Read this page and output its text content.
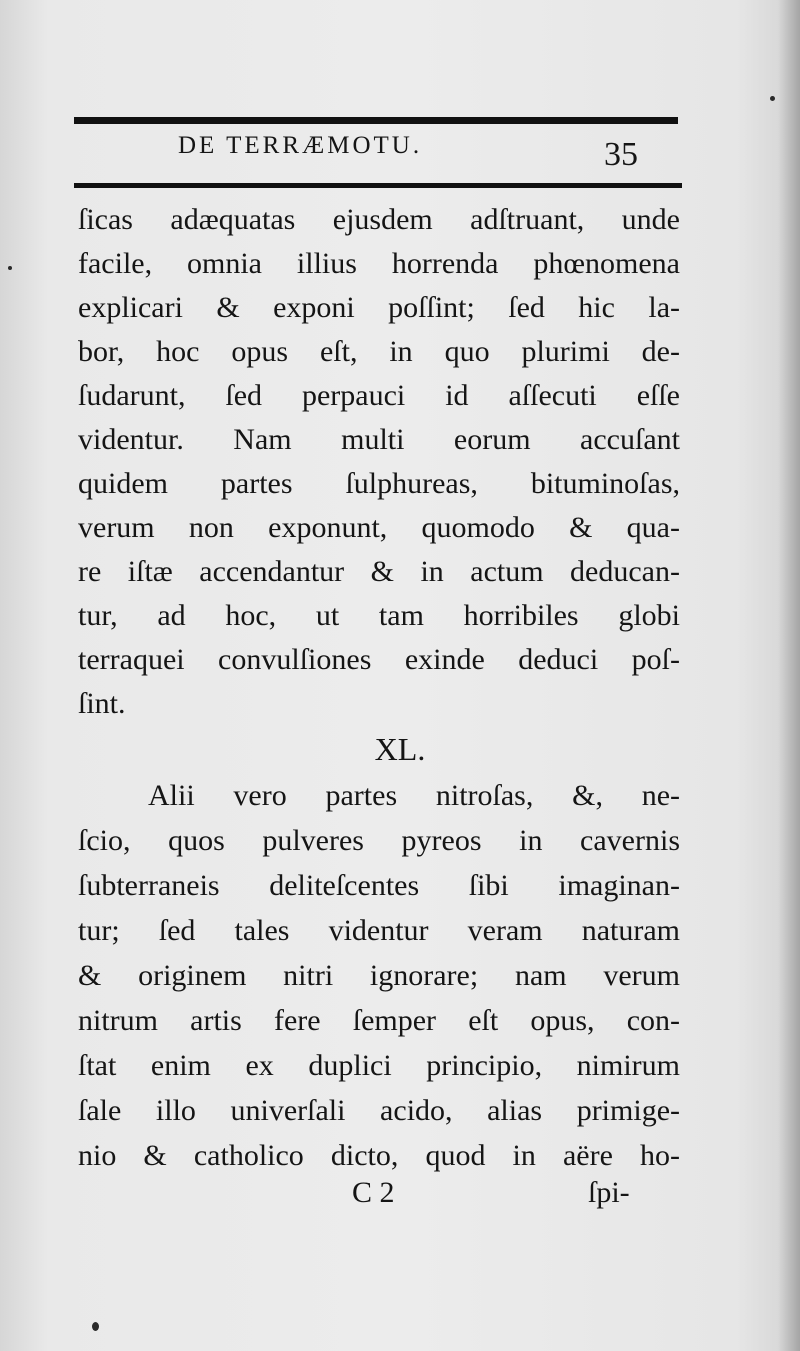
DE TERRÆMOTU.	35
ſicas adæquatas ejusdem adſtruant, unde
facile, omnia illius horrenda phœnomena
explicari & exponi poſſint; ſed hic la-
bor, hoc opus eſt, in quo plurimi de-
ſudarunt, ſed perpauci id aſſecuti eſſe
videntur. Nam multi eorum accuſant
quidem partes ſulphureas, bituminoſas,
verum non exponunt, quomodo & qua-
re iſtæ accendantur & in actum deducan-
tur, ad hoc, ut tam horribiles globi
terraquei convulſiones exinde deduci poſ-
ſint.
XL.
Alii vero partes nitroſas, &, ne-
ſcio, quos pulveres pyreos in cavernis
ſubterraneis deliteſcentes ſibi imaginan-
tur; ſed tales videntur veram naturam
& originem nitri ignorare; nam verum
nitrum artis fere ſemper eſt opus, con-
ſtat enim ex duplici principio, nimirum
ſale illo univerſali acido, alias primige-
nio & catholico dicto, quod in aëre ho-
C 2	ſpi-
